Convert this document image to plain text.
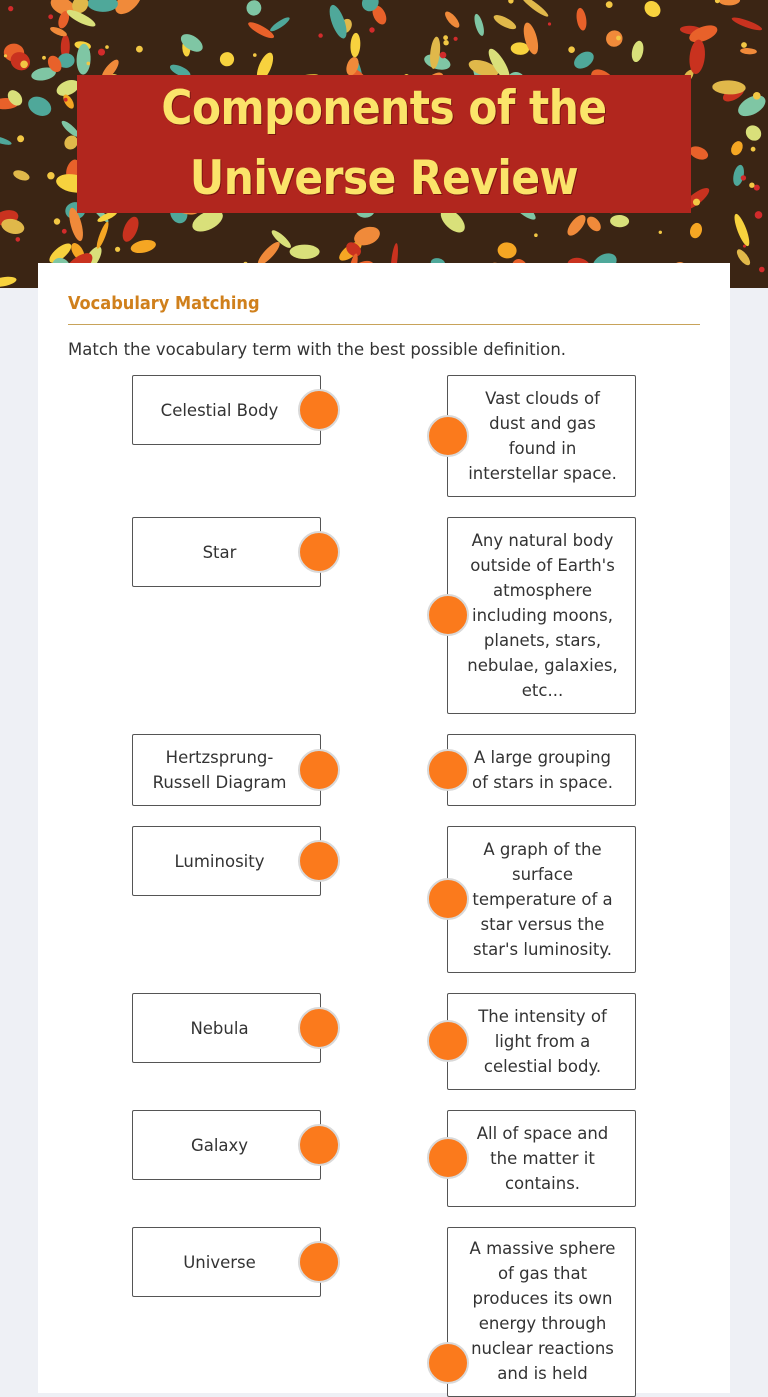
Components of the Universe Review
Vocabulary Matching
Match the vocabulary term with the best possible definition.
Celestial Body
Star
Hertzsprung-Russell Diagram
Luminosity
Nebula
Galaxy
Universe
Vast clouds of dust and gas found in interstellar space.
Any natural body outside of Earth's atmosphere including moons, planets, stars, nebulae, galaxies, etc...
A large grouping of stars in space.
A graph of the surface temperature of a star versus the star's luminosity.
The intensity of light from a celestial body.
All of space and the matter it contains.
A massive sphere of gas that produces its own energy through nuclear reactions and is held
